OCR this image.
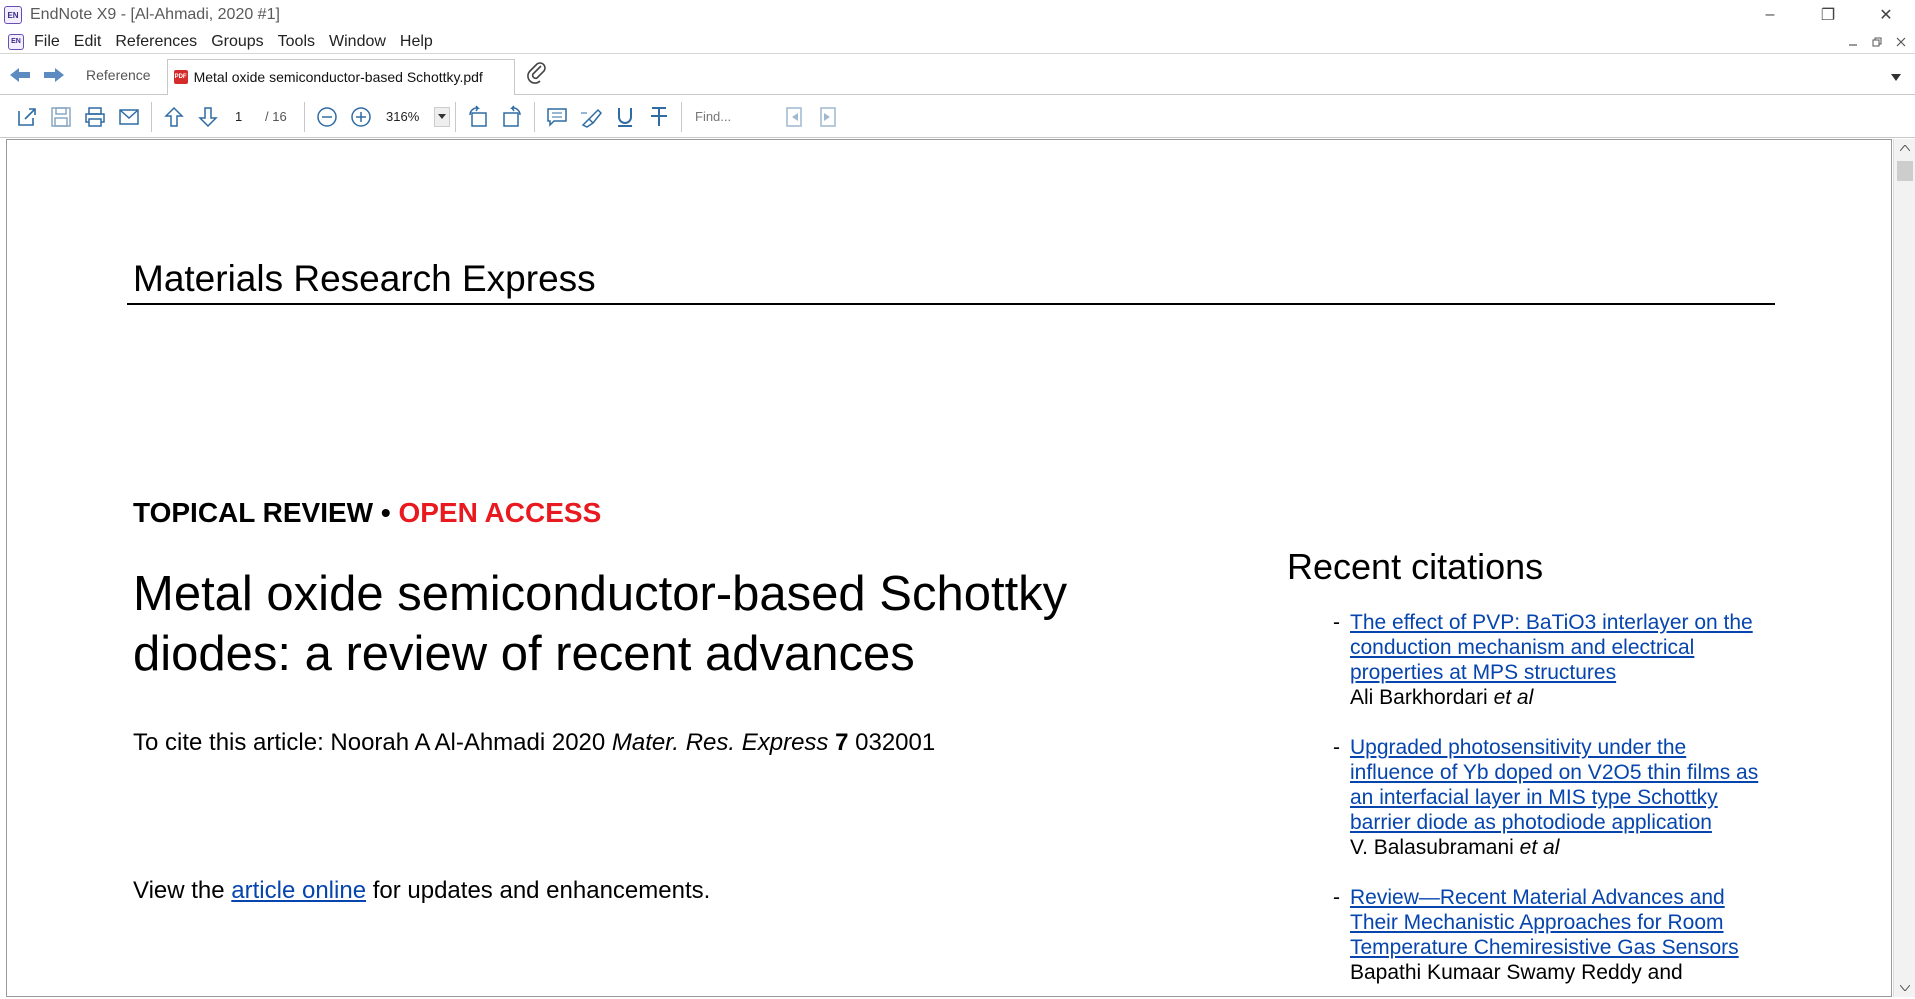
EN EndNote X9 - [Al-Ahmadi, 2020 #1]	–	❐	✕
EN File Edit References Groups Tools Window Help
Reference	PDF Metal oxide semiconductor-based Schottky.pdf
1	/ 16	316%	Find...
Materials Research Express
TOPICAL REVIEW • OPEN ACCESS
Metal oxide semiconductor-based Schottky diodes: a review of recent advances
To cite this article: Noorah A Al-Ahmadi 2020 Mater. Res. Express 7 032001
View the article online for updates and enhancements.
Recent citations
- The effect of PVP: BaTiO3 interlayer on the conduction mechanism and electrical properties at MPS structures
Ali Barkhordari et al
- Upgraded photosensitivity under the influence of Yb doped on V2O5 thin films as an interfacial layer in MIS type Schottky barrier diode as photodiode application
V. Balasubramani et al
- Review—Recent Material Advances and Their Mechanistic Approaches for Room Temperature Chemiresistive Gas Sensors
Bapathi Kumaar Swamy Reddy and
